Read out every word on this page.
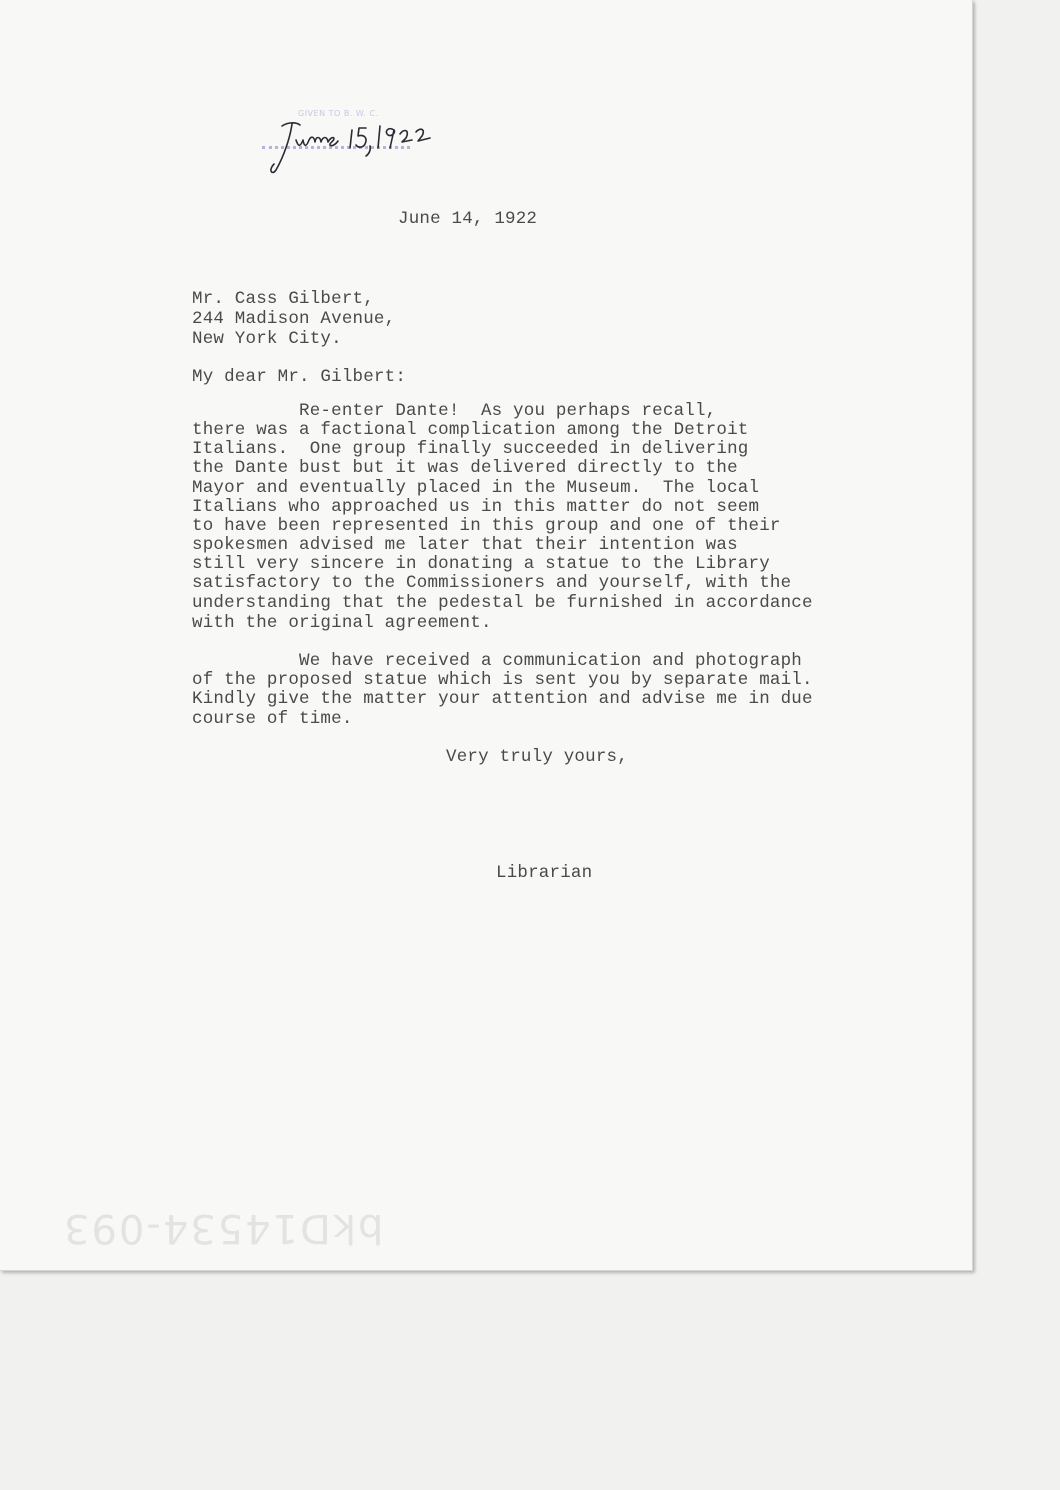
GIVEN TO B. W. C.

June 14, 1922

Mr. Cass Gilbert,

244 Madison Avenue,

New York City.

My dear Mr. Gilbert:

Re-enter Dante!  As you perhaps recall,

there was a factional complication among the Detroit

Italians.  One group finally succeeded in delivering

the Dante bust but it was delivered directly to the

Mayor and eventually placed in the Museum.  The local

Italians who approached us in this matter do not seem

to have been represented in this group and one of their

spokesmen advised me later that their intention was

still very sincere in donating a statue to the Library

satisfactory to the Commissioners and yourself, with the

understanding that the pedestal be furnished in accordance

with the original agreement.

We have received a communication and photograph

of the proposed statue which is sent you by separate mail.

Kindly give the matter your attention and advise me in due

course of time.

Very truly yours,

Librarian

bkD14534-093
